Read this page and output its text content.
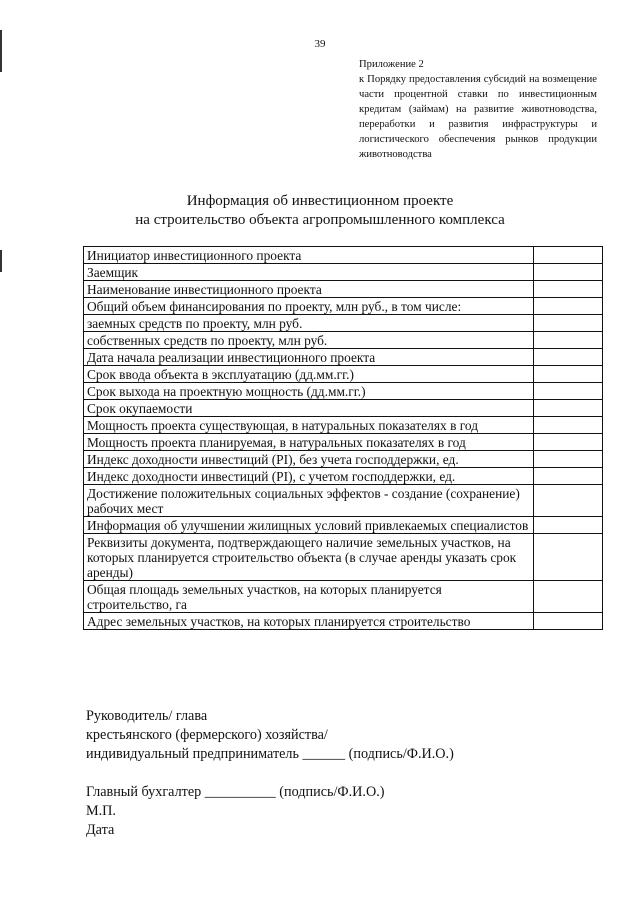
39
Приложение 2
к Порядку предоставления субсидий на возмещение части процентной ставки по инвестиционным кредитам (займам) на развитие животноводства, переработки и развития инфраструктуры и логистического обеспечения рынков продукции животноводства
Информация об инвестиционном проекте
на строительство объекта агропромышленного комплекса
Инициатор инвестиционного проекта	
Заемщик	
Наименование инвестиционного проекта	
Общий объем финансирования по проекту, млн руб., в том числе:	
заемных средств по проекту, млн руб.	
собственных средств по проекту, млн руб.	
Дата начала реализации инвестиционного проекта	
Срок ввода объекта в эксплуатацию (дд.мм.гг.)	
Срок выхода на проектную мощность (дд.мм.гг.)	
Срок окупаемости	
Мощность проекта существующая, в натуральных показателях в год	
Мощность проекта планируемая, в натуральных показателях в год	
Индекс доходности инвестиций (PI), без учета господдержки, ед.	
Индекс доходности инвестиций (PI), с учетом господдержки, ед.	
Достижение положительных социальных эффектов - создание (сохранение) рабочих мест	
Информация об улучшении жилищных условий привлекаемых специалистов	
Реквизиты документа, подтверждающего наличие земельных участков, на которых планируется строительство объекта (в случае аренды указать срок аренды)	
Общая площадь земельных участков, на которых планируется строительство, га	
Адрес земельных участков, на которых планируется строительство	
Руководитель/ глава
крестьянского (фермерского) хозяйства/
индивидуальный предприниматель ______ (подпись/Ф.И.О.)
Главный бухгалтер __________ (подпись/Ф.И.О.)
М.П.
Дата
